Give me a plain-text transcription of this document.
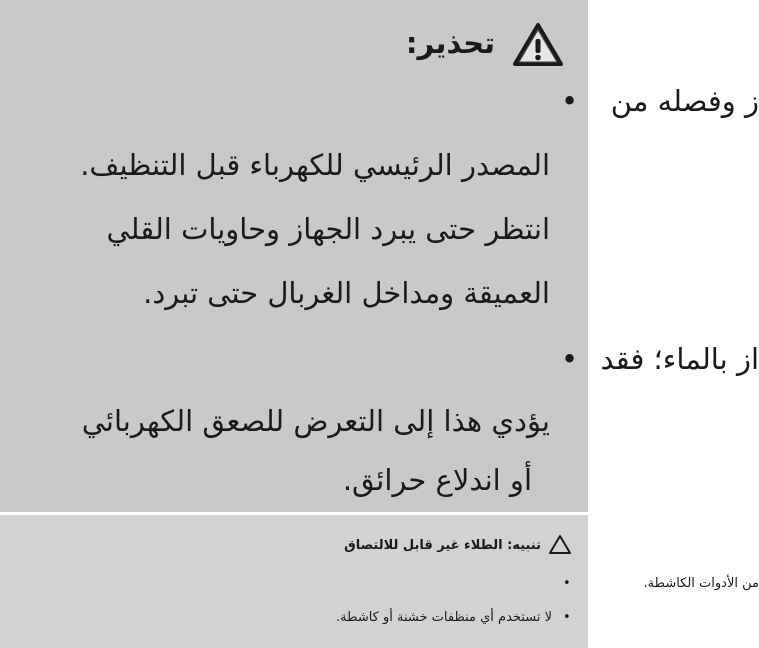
تحذير:
• ز وفصله من
المصدر الرئيسي للكهرباء قبل التنظيف.
انتظر حتى يبرد الجهاز وحاويات القلي
العميقة ومداخل الغربال حتى تبرد.
• از بالماء؛ فقد
يؤدي هذا إلى التعرض للصعق الكهربائي
أو اندلاع حرائق.
تنبيه: الطلاء غير قابل للالتصاق
•	من الأدوات الكاشطة.
•
لا تستخدم أي منظفات خشنة أو كاشطة.
